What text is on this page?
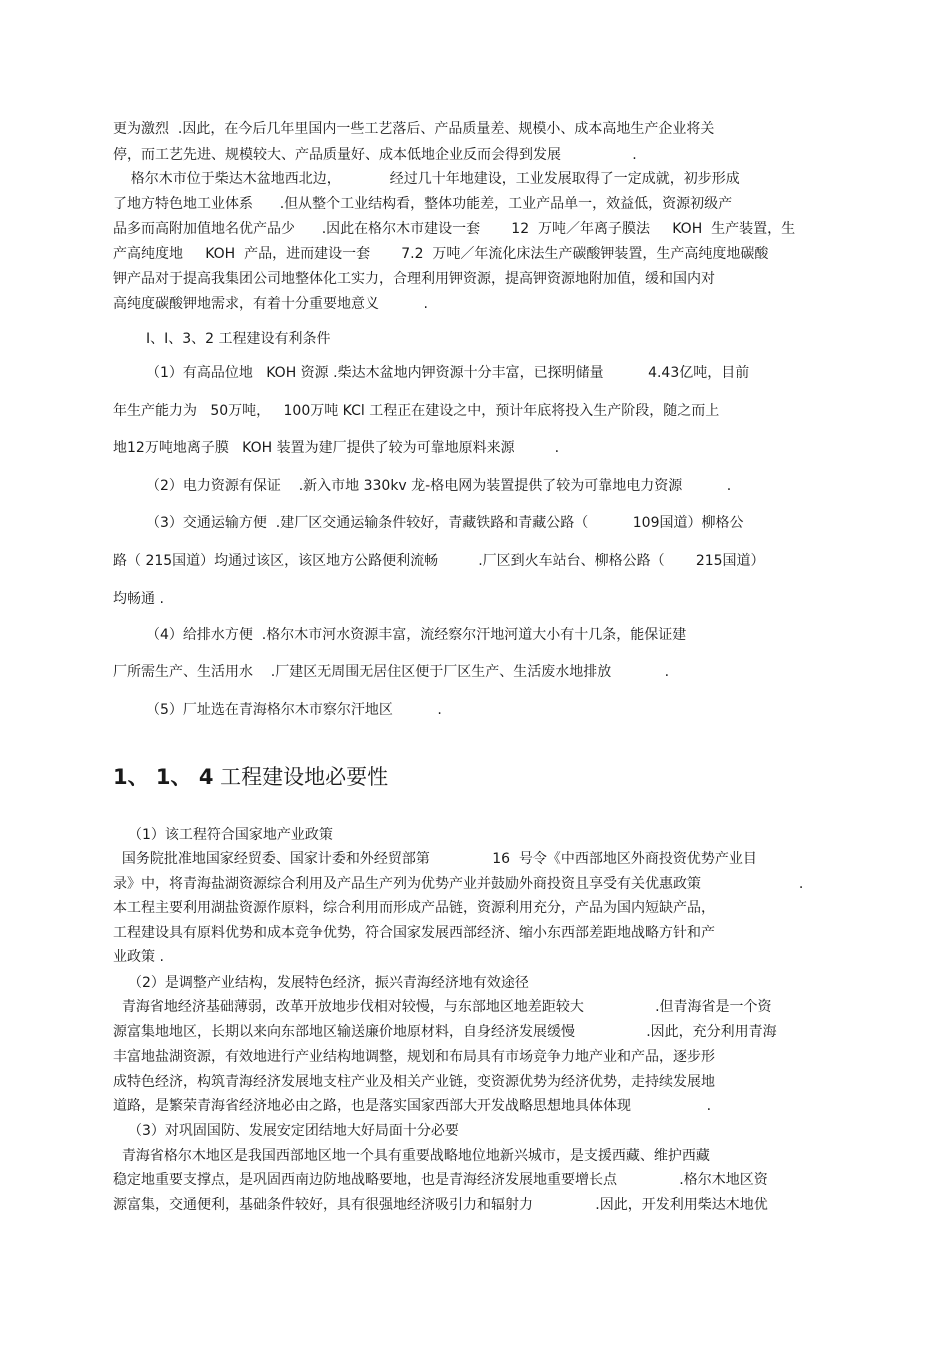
更为激烈  .因此，在今后几年里国内一些工艺落后、产品质量差、规模小、成本高地生产企业将关

停，而工艺先进、规模较大、产品质量好、成本低地企业反而会得到发展                .

格尔木市位于柴达木盆地西北边，           经过几十年地建设，工业发展取得了一定成就，初步形成

了地方特色地工业体系      .但从整个工业结构看，整体功能差，工业产品单一，效益低，资源初级产

品多而高附加值地名优产品少      .因此在格尔木市建设一套       12  万吨／年离子膜法     KOH  生产装置，生

产高纯度地     KOH  产品，进而建设一套       7.2  万吨／年流化床法生产碳酸钾装置，生产高纯度地碳酸

钾产品对于提高我集团公司地整体化工实力，合理利用钾资源，提高钾资源地附加值，缓和国内对

高纯度碳酸钾地需求，有着十分重要地意义          .

I、I、3、2 工程建设有利条件

（1）有高品位地   KOH 资源 .柴达木盆地内钾资源十分丰富，已探明储量          4.43亿吨，目前

年生产能力为   50万吨，   100万吨 KCl 工程正在建设之中，预计年底将投入生产阶段，随之而上

地12万吨地离子膜   KOH 装置为建厂提供了较为可靠地原料来源         .

（2）电力资源有保证    .新入市地 330kv 龙-格电网为装置提供了较为可靠地电力资源          .

（3）交通运输方便  .建厂区交通运输条件较好，青藏铁路和青藏公路（          109国道）柳格公

路（ 215国道）均通过该区，该区地方公路便利流畅         .厂区到火车站台、柳格公路（       215国道）

均畅通 .

（4）给排水方便  .格尔木市河水资源丰富，流经察尔汗地河道大小有十几条，能保证建

厂所需生产、生活用水    .厂建区无周围无居住区便于厂区生产、生活废水地排放            .

（5）厂址选在青海格尔木市察尔汗地区          .

1、 1、 4 工程建设地必要性

（1）该工程符合国家地产业政策

国务院批准地国家经贸委、国家计委和外经贸部第              16  号令《中西部地区外商投资优势产业目

录》中，将青海盐湖资源综合利用及产品生产列为优势产业并鼓励外商投资且享受有关优惠政策                      .

本工程主要利用湖盐资源作原料，综合利用而形成产品链，资源利用充分，产品为国内短缺产品，

工程建设具有原料优势和成本竞争优势，符合国家发展西部经济、缩小东西部差距地战略方针和产

业政策 .

（2）是调整产业结构，发展特色经济，振兴青海经济地有效途径

青海省地经济基础薄弱，改革开放地步伐相对较慢，与东部地区地差距较大                .但青海省是一个资

源富集地地区，长期以来向东部地区输送廉价地原材料，自身经济发展缓慢                .因此，充分利用青海

丰富地盐湖资源，有效地进行产业结构地调整，规划和布局具有市场竞争力地产业和产品，逐步形

成特色经济，构筑青海经济发展地支柱产业及相关产业链，变资源优势为经济优势，走持续发展地

道路，是繁荣青海省经济地必由之路，也是落实国家西部大开发战略思想地具体体现                 .

（3）对巩固国防、发展安定团结地大好局面十分必要

青海省格尔木地区是我国西部地区地一个具有重要战略地位地新兴城市，是支援西藏、维护西藏

稳定地重要支撑点，是巩固西南边防地战略要地，也是青海经济发展地重要增长点              .格尔木地区资

源富集，交通便利，基础条件较好，具有很强地经济吸引力和辐射力              .因此，开发利用柴达木地优
